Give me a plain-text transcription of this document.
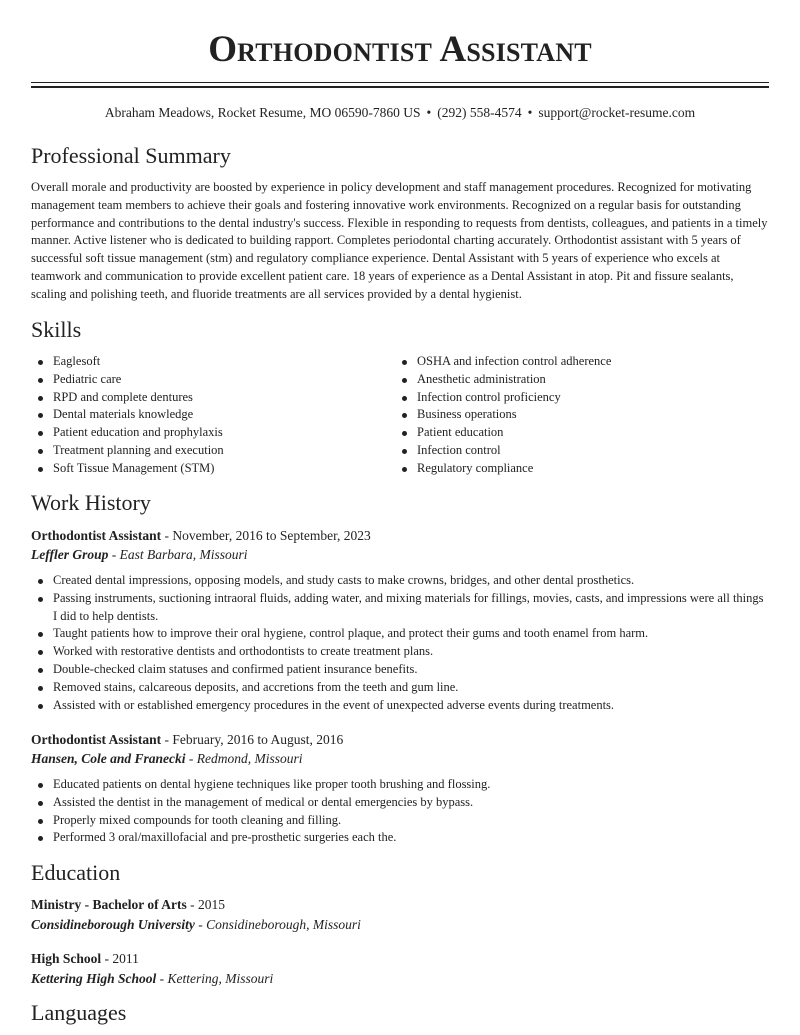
Orthodontist Assistant
Abraham Meadows, Rocket Resume, MO 06590-7860 US • (292) 558-4574 • support@rocket-resume.com
Professional Summary

Overall morale and productivity are boosted by experience in policy development and staff management procedures. Recognized for motivating management team members to achieve their goals and fostering innovative work environments. Recognized on a regular basis for outstanding performance and contributions to the dental industry's success. Flexible in responding to requests from dentists, colleagues, and patients in a timely manner. Active listener who is dedicated to building rapport. Completes periodontal charting accurately. Orthodontist assistant with 5 years of successful soft tissue management (stm) and regulatory compliance experience. Dental Assistant with 5 years of experience who excels at teamwork and communication to provide excellent patient care. 18 years of experience as a Dental Assistant in atop. Pit and fissure sealants, scaling and polishing teeth, and fluoride treatments are all services provided by a dental hygienist.

Skills
Eaglesoft
Pediatric care
RPD and complete dentures
Dental materials knowledge
Patient education and prophylaxis
Treatment planning and execution
Soft Tissue Management (STM)
OSHA and infection control adherence
Anesthetic administration
Infection control proficiency
Business operations
Patient education
Infection control
Regulatory compliance
Work History
Orthodontist Assistant - November, 2016 to September, 2023
Leffler Group - East Barbara, Missouri
Created dental impressions, opposing models, and study casts to make crowns, bridges, and other dental prosthetics.
Passing instruments, suctioning intraoral fluids, adding water, and mixing materials for fillings, movies, casts, and impressions were all things I did to help dentists.
Taught patients how to improve their oral hygiene, control plaque, and protect their gums and tooth enamel from harm.
Worked with restorative dentists and orthodontists to create treatment plans.
Double-checked claim statuses and confirmed patient insurance benefits.
Removed stains, calcareous deposits, and accretions from the teeth and gum line.
Assisted with or established emergency procedures in the event of unexpected adverse events during treatments.
Orthodontist Assistant - February, 2016 to August, 2016
Hansen, Cole and Franecki - Redmond, Missouri
Educated patients on dental hygiene techniques like proper tooth brushing and flossing.
Assisted the dentist in the management of medical or dental emergencies by bypass.
Properly mixed compounds for tooth cleaning and filling.
Performed 3 oral/maxillofacial and pre-prosthetic surgeries each the.
Education
Ministry - Bachelor of Arts - 2015
Considineborough University - Considineborough, Missouri
High School - 2011
Kettering High School - Kettering, Missouri
Languages
